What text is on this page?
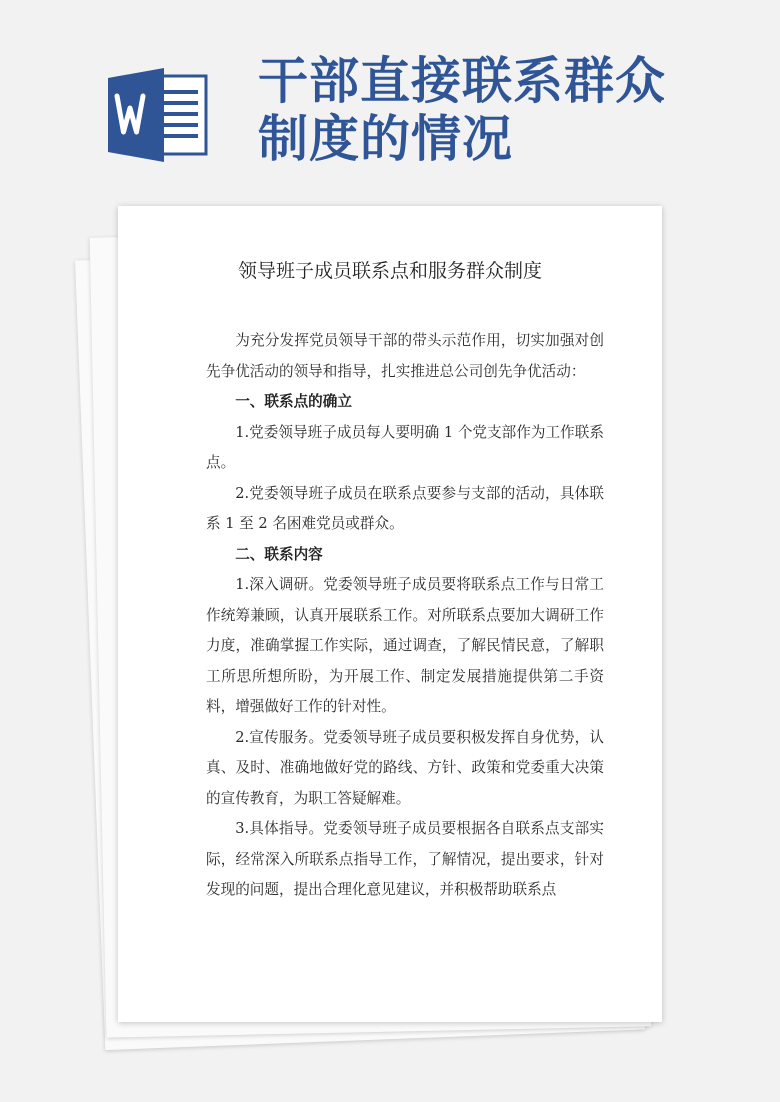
干部直接联系群众
制度的情况
领导班子成员联系点和服务群众制度

为充分发挥党员领导干部的带头示范作用，切实加强对创先争优活动的领导和指导，扎实推进总公司创先争优活动：

一、联系点的确立

1.党委领导班子成员每人要明确 1 个党支部作为工作联系点。

2.党委领导班子成员在联系点要参与支部的活动，具体联系 1 至 2 名困难党员或群众。

二、联系内容

1.深入调研。党委领导班子成员要将联系点工作与日常工作统筹兼顾，认真开展联系工作。对所联系点要加大调研工作力度，准确掌握工作实际，通过调查，了解民情民意，了解职工所思所想所盼，为开展工作、制定发展措施提供第二手资料，增强做好工作的针对性。

2.宣传服务。党委领导班子成员要积极发挥自身优势，认真、及时、准确地做好党的路线、方针、政策和党委重大决策的宣传教育，为职工答疑解难。

3.具体指导。党委领导班子成员要根据各自联系点支部实际，经常深入所联系点指导工作，了解情况，提出要求，针对发现的问题，提出合理化意见建议，并积极帮助联系点
